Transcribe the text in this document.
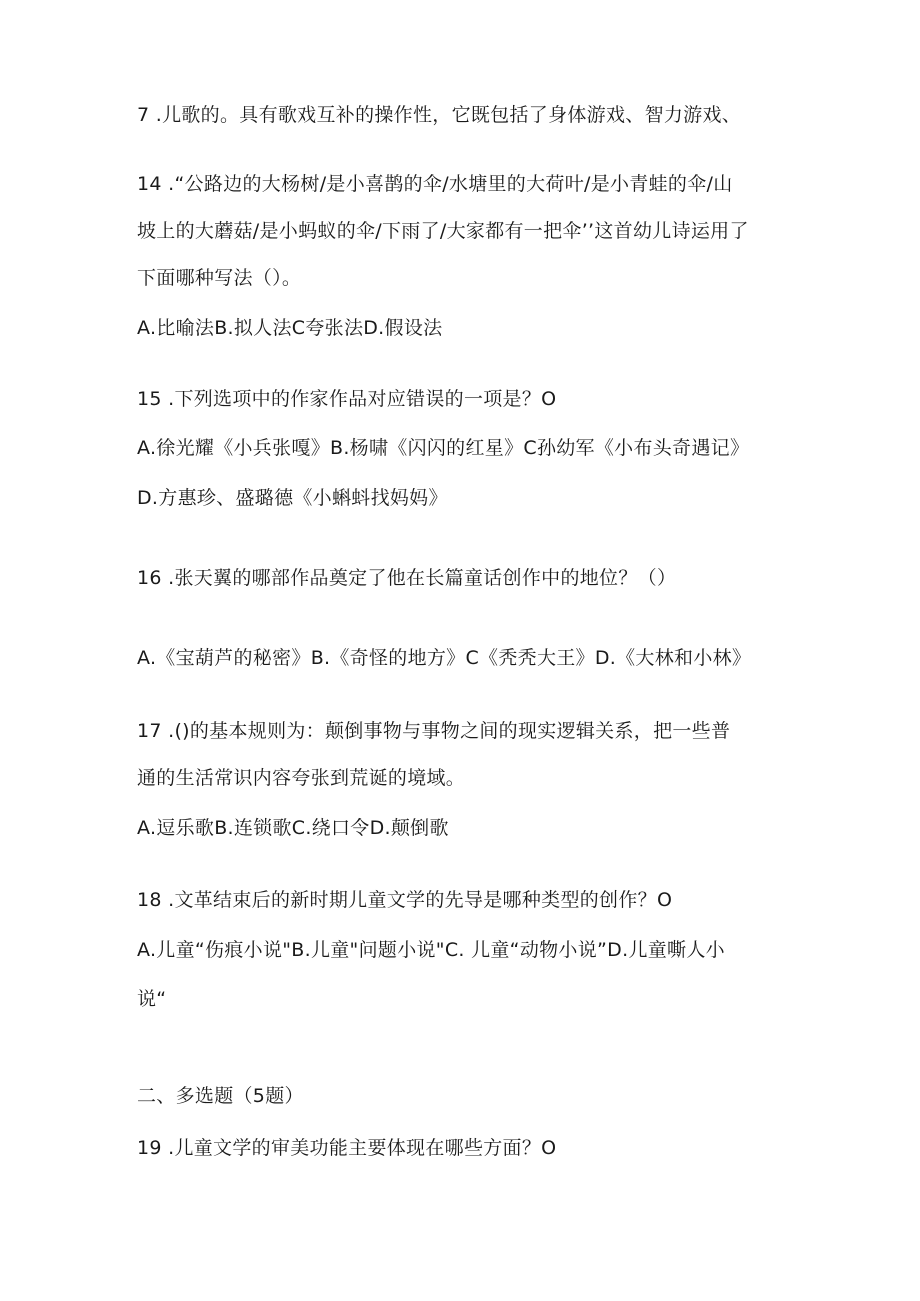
7 .儿歌的。具有歌戏互补的操作性，它既包括了身体游戏、智力游戏、
14 .“公路边的大杨树/是小喜鹊的伞/水塘里的大荷叶/是小青蛙的伞/山
坡上的大蘑菇/是小蚂蚁的伞/下雨了/大家都有一把伞’’这首幼儿诗运用了
下面哪种写法（）。
A.比喻法B.拟人法C夸张法D.假设法
15 .下列选项中的作家作品对应错误的一项是？O
A.徐光耀《小兵张嘎》B.杨啸《闪闪的红星》C孙幼军《小布头奇遇记》
D.方惠珍、盛璐德《小蝌蚪找妈妈》
16 .张天翼的哪部作品奠定了他在长篇童话创作中的地位？（）
A.《宝葫芦的秘密》B.《奇怪的地方》C《秃秃大王》D.《大林和小林》
17 .()的基本规则为：颠倒事物与事物之间的现实逻辑关系，把一些普
通的生活常识内容夸张到荒诞的境域。
A.逗乐歌B.连锁歌C.绕口令D.颠倒歌
18 .文革结束后的新时期儿童文学的先导是哪种类型的创作？O
A.儿童“伤痕小说"B.儿童"问题小说"C. 儿童“动物小说”D.儿童嘶人小
说“
二、多选题（5题）
19 .儿童文学的审美功能主要体现在哪些方面？O
